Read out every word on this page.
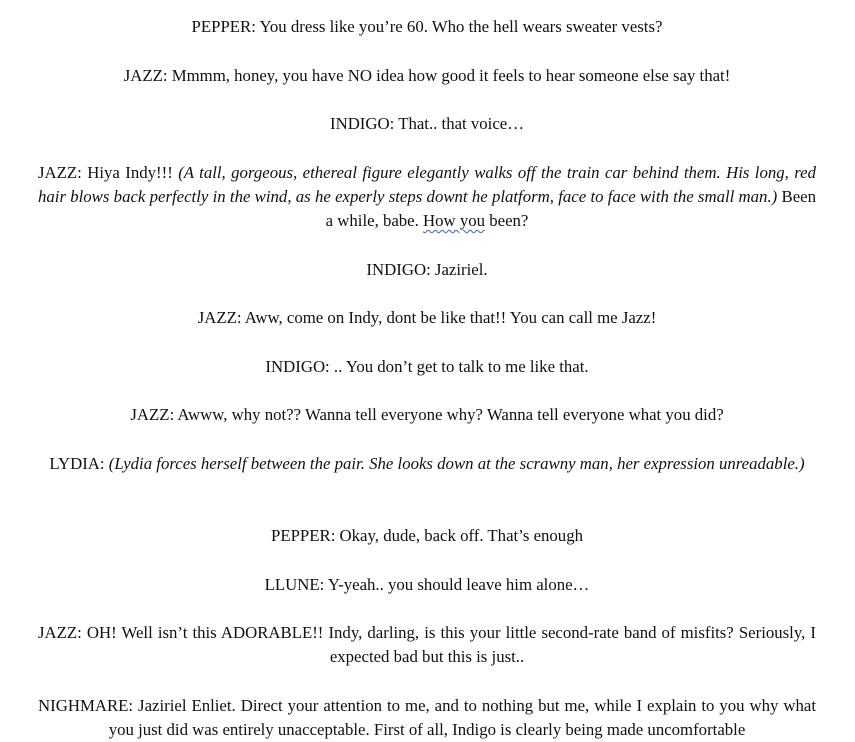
PEPPER: You dress like you’re 60. Who the hell wears sweater vests?

JAZZ: Mmmm, honey, you have NO idea how good it feels to hear someone else say that!

INDIGO: That.. that voice…

JAZZ: Hiya Indy!!! (A tall, gorgeous, ethereal figure elegantly walks off the train car behind them. His long, red hair blows back perfectly in the wind, as he experly steps downt he platform, face to face with the small man.) Been a while, babe. How you been?

INDIGO: Jaziriel.

JAZZ: Aww, come on Indy, dont be like that!! You can call me Jazz!

INDIGO: .. You don’t get to talk to me like that.

JAZZ: Awww, why not?? Wanna tell everyone why? Wanna tell everyone what you did?

LYDIA: (Lydia forces herself between the pair. She looks down at the scrawny man, her expression unreadable.)

PEPPER: Okay, dude, back off. That’s enough

LLUNE: Y-yeah.. you should leave him alone…

JAZZ: OH! Well isn’t this ADORABLE!! Indy, darling, is this your little second-rate band of misfits? Seriously, I expected bad but this is just..

NIGHMARE: Jaziriel Enliet. Direct your attention to me, and to nothing but me, while I explain to you why what you just did was entirely unacceptable. First of all, Indigo is clearly being made uncomfortable
